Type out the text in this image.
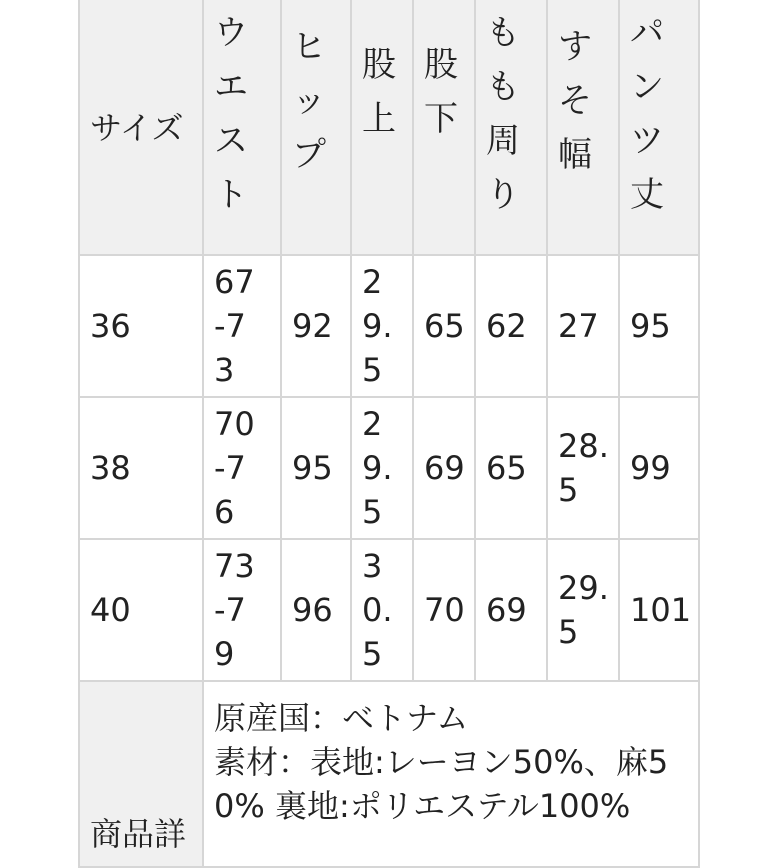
サイズ	ウエスト	ヒップ	股上	股下	もも周り	すそ幅	パンツ丈

36	67-73	92	29.5	65	62	27	95
38	70-76	95	29.5	69	65	28.5	99
40	73-79	96	30.5	70	69	29.5	101
商品詳	原産国：ベトナム
素材：表地:レーヨン50%、麻5
0% 裏地:ポリエステル100%						
